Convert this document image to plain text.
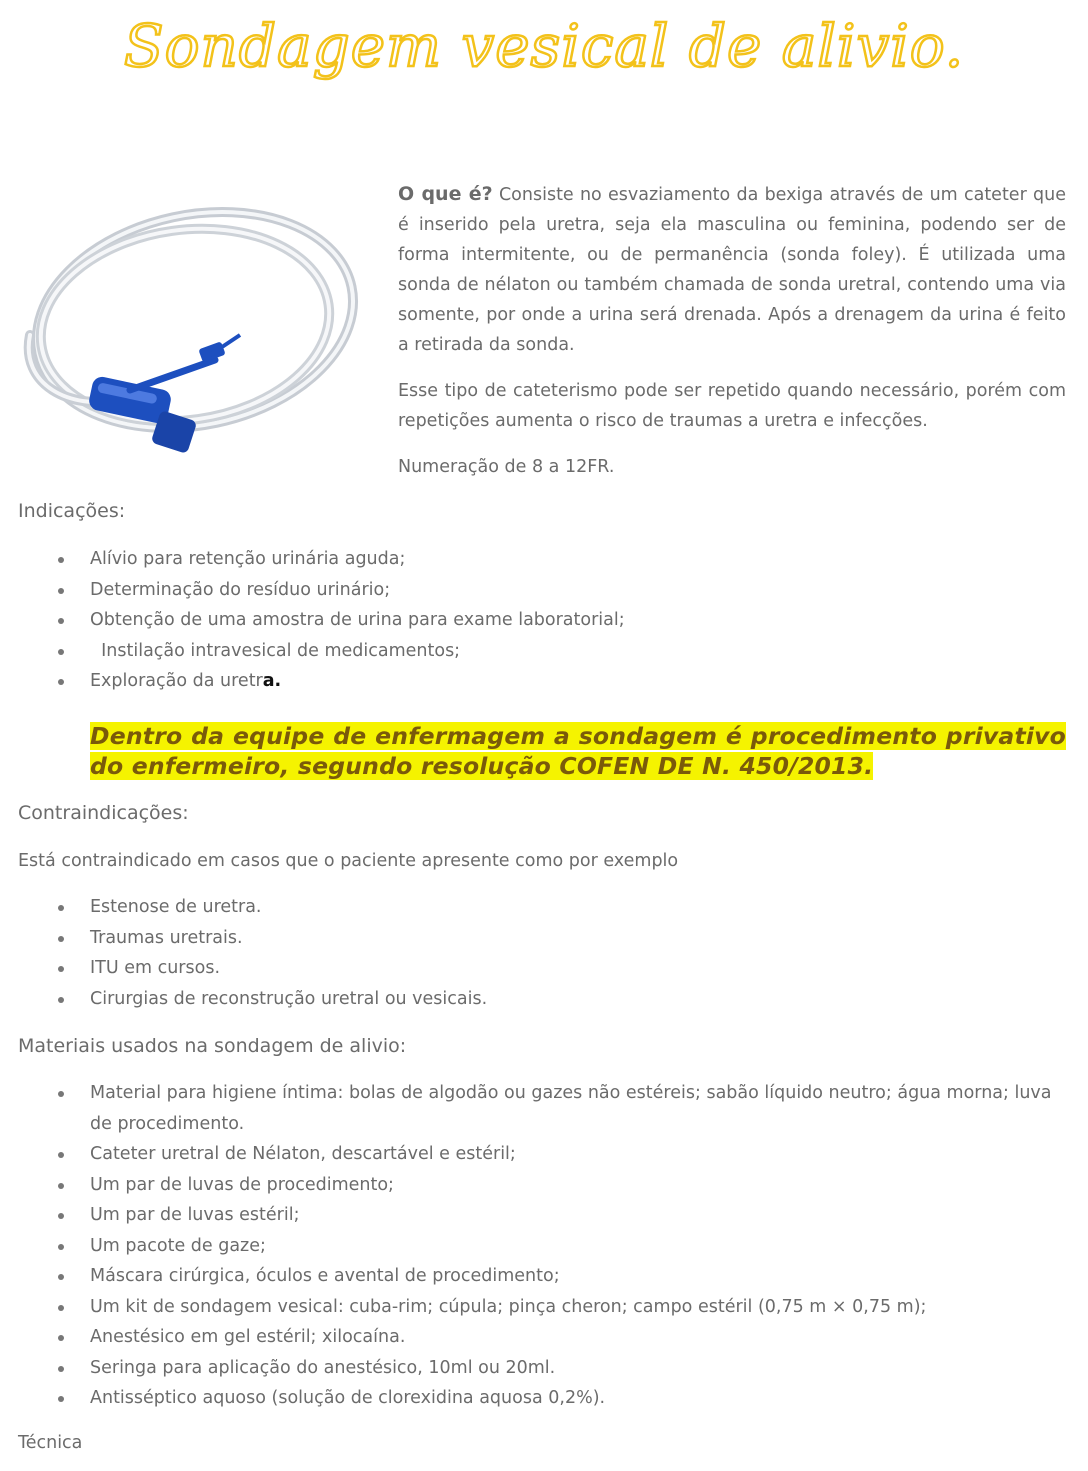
Sondagem vesical de alivio.

O que é? Consiste no esvaziamento da bexiga através de um cateter que é inserido pela uretra, seja ela masculina ou feminina, podendo ser de forma intermitente, ou de permanência (sonda foley). É utilizada uma sonda de nélaton ou também chamada de sonda uretral, contendo uma via somente, por onde a urina será drenada. Após a drenagem da urina é feito a retirada da sonda.

Esse tipo de cateterismo pode ser repetido quando necessário, porém com repetições aumenta o risco de traumas a uretra e infecções.

Numeração de 8 a 12FR.

Indicações:
Alívio para retenção urinária aguda;
Determinação do resíduo urinário;
Obtenção de uma amostra de urina para exame laboratorial;
Instilação intravesical de medicamentos;
Exploração da uretra.

Dentro da equipe de enfermagem a sondagem é procedimento privativo do enfermeiro, segundo resolução COFEN DE N. 450/2013.

Contraindicações:

Está contraindicado em casos que o paciente apresente como por exemplo

Estenose de uretra.
Traumas uretrais.
ITU em cursos.
Cirurgias de reconstrução uretral ou vesicais.
Materiais usados na sondagem de alivio:
Material para higiene íntima: bolas de algodão ou gazes não estéreis; sabão líquido neutro; água morna; luva de procedimento.
Cateter uretral de Nélaton, descartável e estéril;
Um par de luvas de procedimento;
Um par de luvas estéril;
Um pacote de gaze;
Máscara cirúrgica, óculos e avental de procedimento;
Um kit de sondagem vesical: cuba-rim; cúpula; pinça cheron; campo estéril (0,75 m × 0,75 m);
Anestésico em gel estéril; xilocaína.
Seringa para aplicação do anestésico, 10ml ou 20ml.
Antisséptico aquoso (solução de clorexidina aquosa 0,2%).
Técnica
